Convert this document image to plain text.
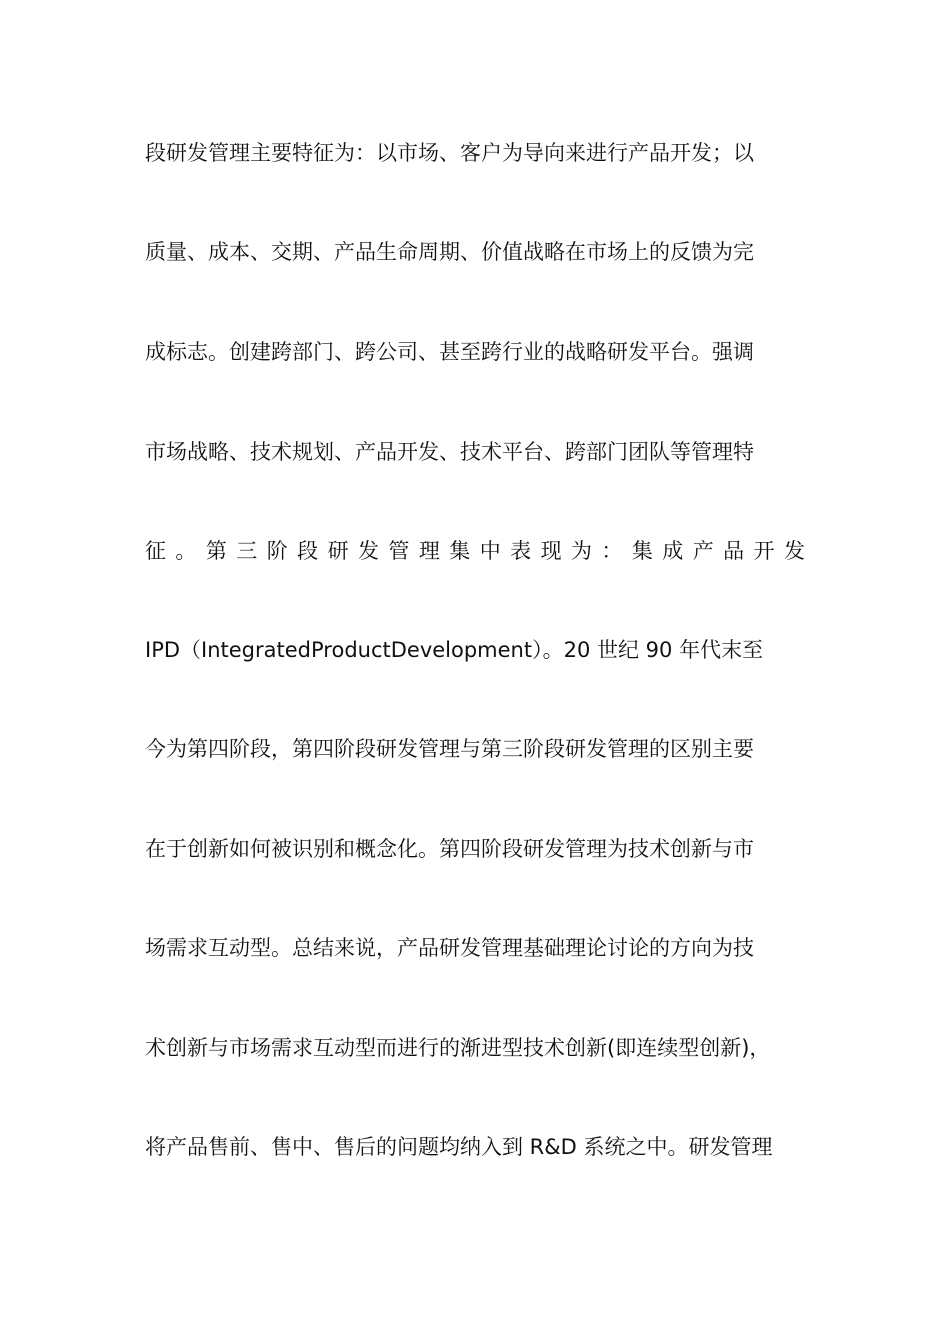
段研发管理主要特征为：以市场、客户为导向来进行产品开发；以
质量、成本、交期、产品生命周期、价值战略在市场上的反馈为完
成标志。创建跨部门、跨公司、甚至跨行业的战略研发平台。强调
市场战略、技术规划、产品开发、技术平台、跨部门团队等管理特
征 。 第 三 阶 段 研 发 管 理 集 中 表 现 为 ： 集 成 产 品 开 发
IPD（IntegratedProductDevelopment）。20 世纪 90 年代末至
今为第四阶段，第四阶段研发管理与第三阶段研发管理的区别主要
在于创新如何被识别和概念化。第四阶段研发管理为技术创新与市
场需求互动型。总结来说，产品研发管理基础理论讨论的方向为技
术创新与市场需求互动型而进行的渐进型技术创新(即连续型创新)，
将产品售前、售中、售后的问题均纳入到 R&D 系统之中。研发管理
